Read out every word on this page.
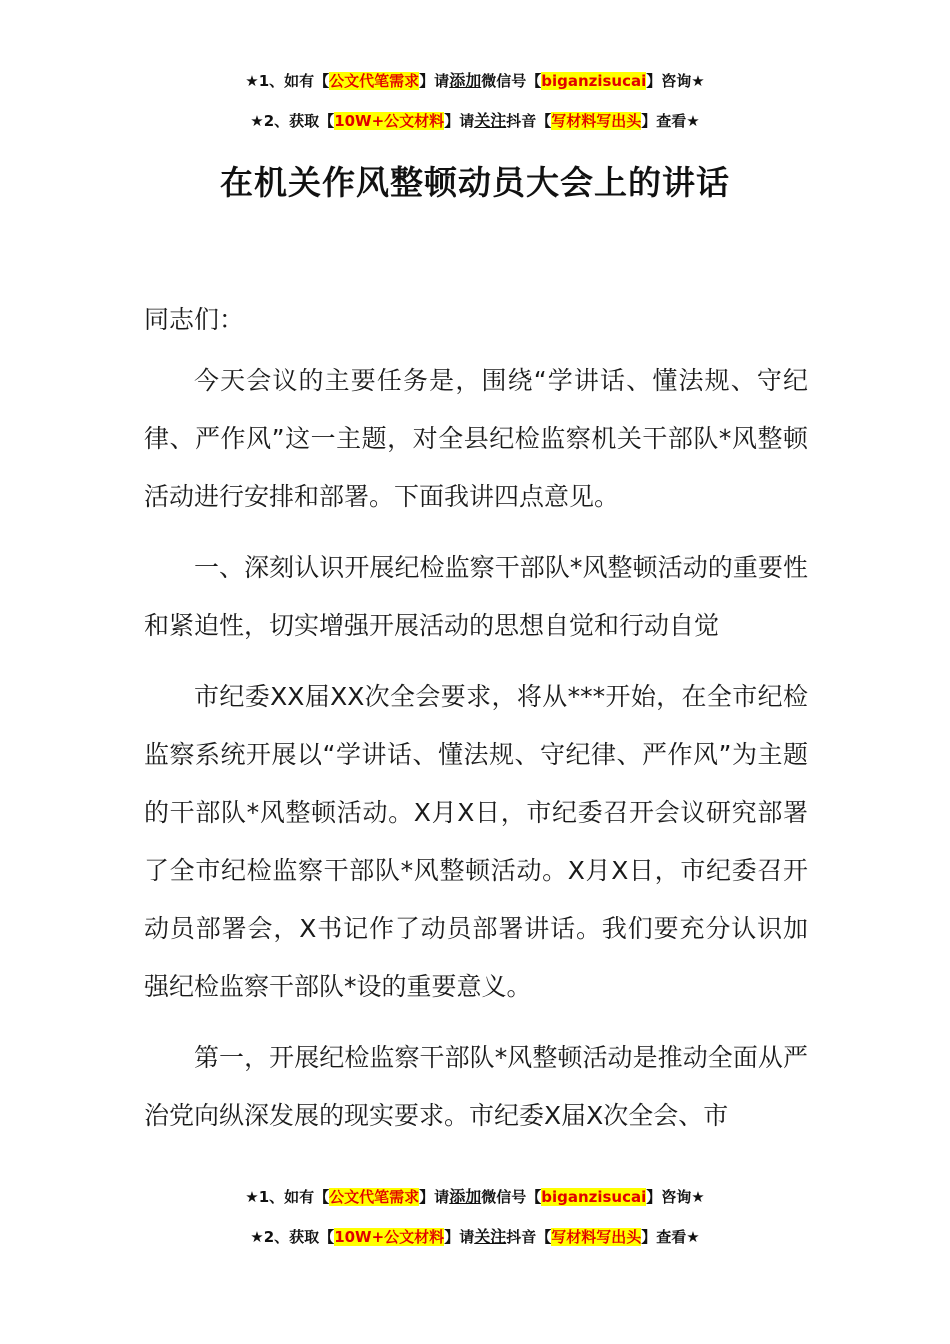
★1、如有【公文代笔需求】请添加微信号【biganzisucai】咨询★
★2、获取【10W+公文材料】请关注抖音【写材料写出头】查看★
在机关作风整顿动员大会上的讲话

同志们：

今天会议的主要任务是，围绕“学讲话、懂法规、守纪律、严作风”这一主题，对全县纪检监察机关干部队*风整顿活动进行安排和部署。下面我讲四点意见。

一、深刻认识开展纪检监察干部队*风整顿活动的重要性和紧迫性，切实增强开展活动的思想自觉和行动自觉

市纪委XX届XX次全会要求，将从***开始，在全市纪检监察系统开展以“学讲话、懂法规、守纪律、严作风”为主题的干部队*风整顿活动。X月X日，市纪委召开会议研究部署了全市纪检监察干部队*风整顿活动。X月X日，市纪委召开动员部署会，X书记作了动员部署讲话。我们要充分认识加强纪检监察干部队*设的重要意义。

第一，开展纪检监察干部队*风整顿活动是推动全面从严治党向纵深发展的现实要求。市纪委X届X次全会、市

★1、如有【公文代笔需求】请添加微信号【biganzisucai】咨询★
★2、获取【10W+公文材料】请关注抖音【写材料写出头】查看★
